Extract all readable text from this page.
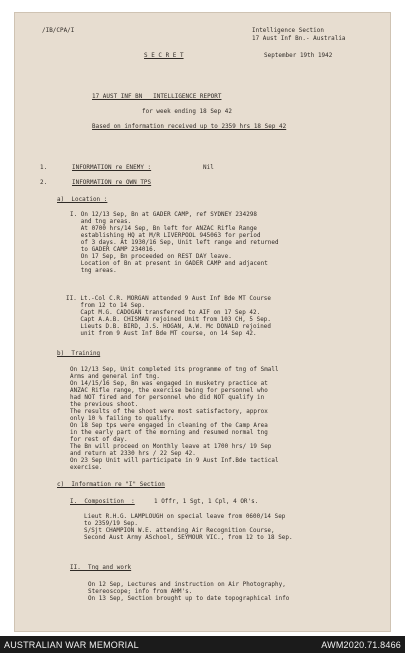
/IB/CPA/I	Intelligence Section
17 Aust Inf Bn.- Australia
S E C R E T	September 19th 1942
17 AUST INF BN   INTELLIGENCE REPORT
for week ending 18 Sep 42
Based on information received up to 2359 hrs 18 Sep 42
1.	INFORMATION re ENEMY :	Nil
2.	INFORMATION re OWN TPS
a)  Location :
I. On 12/13 Sep, Bn at GADER CAMP, ref SYDNEY 234298
and tng areas.
At 0700 hrs/14 Sep, Bn left for ANZAC Rifle Range
establishing HQ at M/R LIVERPOOL 945063 for period
of 3 days. At 1930/16 Sep, Unit left range and returned
to GADER CAMP 234016.
On 17 Sep, Bn proceeded on REST DAY leave.
Location of Bn at present in GADER CAMP and adjacent
tng areas.
II. Lt.-Col C.R. MORGAN attended 9 Aust Inf Bde MT Course
from 12 to 14 Sep.
Capt M.G. CADOGAN transferred to AIF on 17 Sep 42.
Capt A.A.B. CHISMAN rejoined Unit from 103 CH, 5 Sep.
Lieuts D.B. BIRD, J.S. HOGAN, A.W. Mc DONALD rejoined
unit from 9 Aust Inf Bde MT course, on 14 Sep 42.
b)  Training
On 12/13 Sep, Unit completed its programme of tng of Small
Arms and general inf tng.
On 14/15/16 Sep, Bn was engaged in musketry practice at
ANZAC Rifle range, the exercise being for personnel who
had NOT fired and for personnel who did NOT qualify in
the previous shoot.
The results of the shoot were most satisfactory, approx
only 10 % failing to qualify.
On 18 Sep tps were engaged in cleaning of the Camp Area
in the early part of the morning and resumed normal tng
for rest of day.
The Bn will proceed on Monthly leave at 1700 hrs/ 19 Sep
and return at 2330 hrs / 22 Sep 42.
On 23 Sep Unit will participate in 9 Aust Inf.Bde tactical
exercise.
c)  Information re "I" Section
I.  Composition  :	1 Offr, 1 Sgt, 1 Cpl, 4 OR's.
Lieut R.H.G. LAMPLOUGH on special leave from 0600/14 Sep
to 2359/19 Sep.
S/Sjt CHAMPION W.E. attending Air Recognition Course,
Second Aust Army ASchool, SEYMOUR VIC., from 12 to 18 Sep.
II.  Tng and work
On 12 Sep, Lectures and instruction on Air Photography,
Stereoscope; info from AHM's.
On 13 Sep, Section brought up to date topographical info
AUSTRALIAN WAR MEMORIAL	AWM2020.71.8466
